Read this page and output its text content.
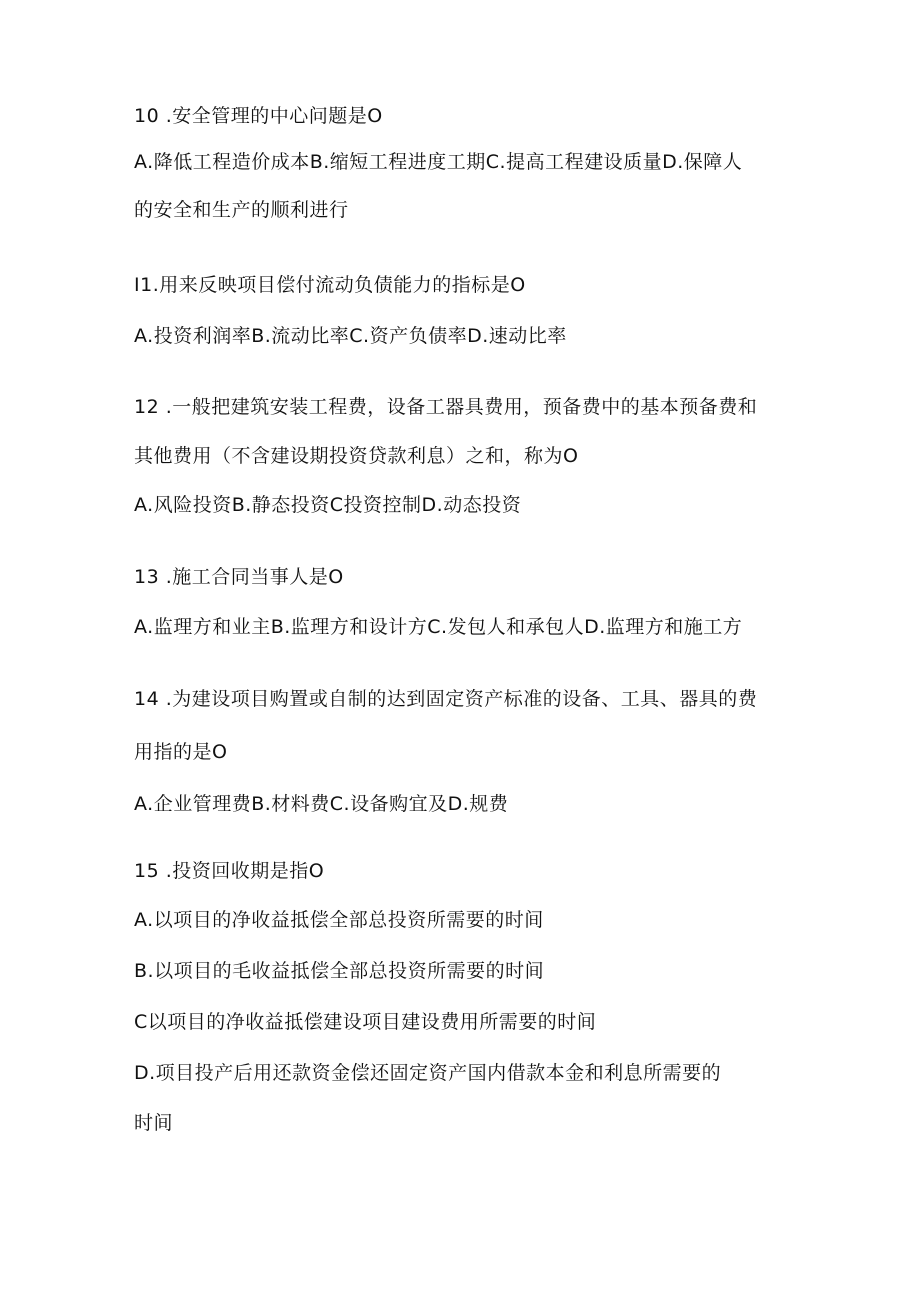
10 .安全管理的中心问题是O
A.降低工程造价成本B.缩短工程进度工期C.提高工程建设质量D.保障人
的安全和生产的顺利进行
I1.用来反映项目偿付流动负债能力的指标是O
A.投资利润率B.流动比率C.资产负债率D.速动比率
12 .一般把建筑安装工程费，设备工器具费用，预备费中的基本预备费和
其他费用（不含建设期投资贷款利息）之和，称为O
A.风险投资B.静态投资C投资控制D.动态投资
13 .施工合同当事人是O
A.监理方和业主B.监理方和设计方C.发包人和承包人D.监理方和施工方
14 .为建设项目购置或自制的达到固定资产标准的设备、工具、器具的费
用指的是O
A.企业管理费B.材料费C.设备购宜及D.规费
15 .投资回收期是指O
A.以项目的净收益抵偿全部总投资所需要的时间
B.以项目的毛收益抵偿全部总投资所需要的时间
C以项目的净收益抵偿建设项目建设费用所需要的时间
D.项目投产后用还款资金偿还固定资产国内借款本金和利息所需要的
时间
